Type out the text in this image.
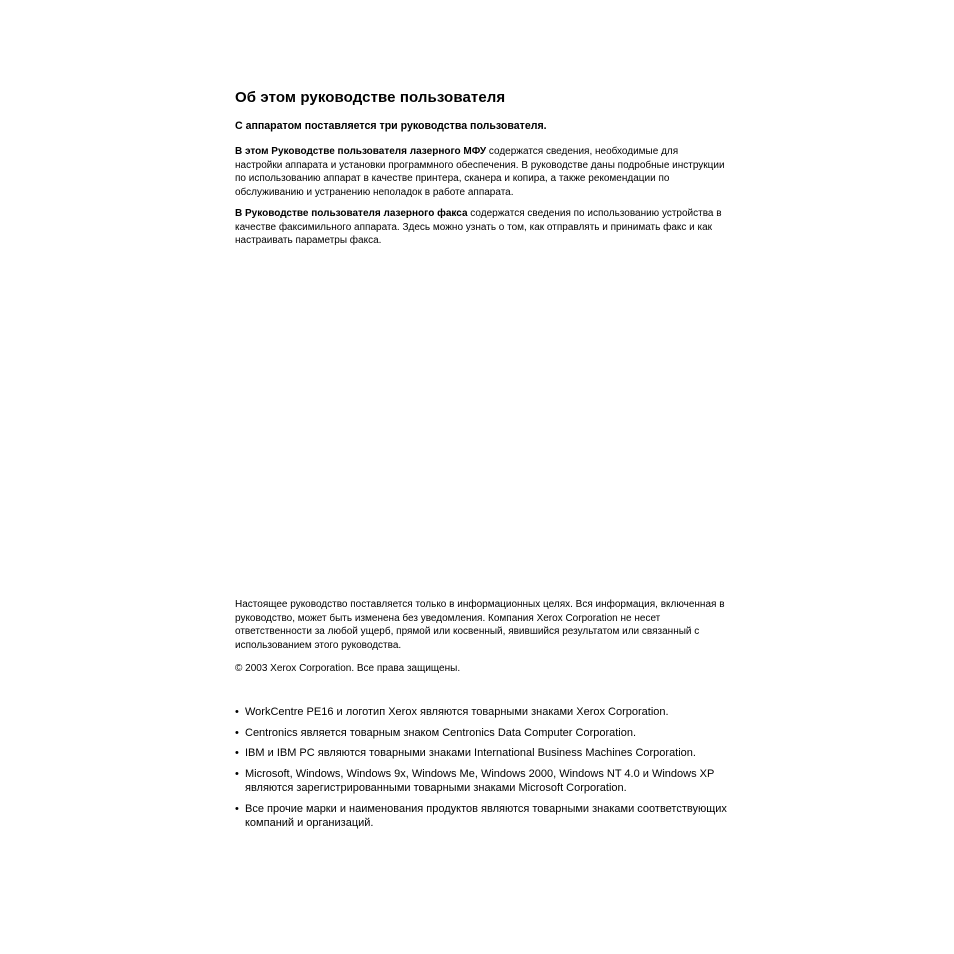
Об этом руководстве пользователя

С аппаратом поставляется три руководства пользователя.

В этом Руководстве пользователя лазерного МФУ содержатся сведения, необходимые для настройки аппарата и установки программного обеспечения. В руководстве даны подробные инструкции по использованию аппарат в качестве принтера, сканера и копира, а также рекомендации по обслуживанию и устранению неполадок в работе аппарата.

В Руководстве пользователя лазерного факса содержатся сведения по использованию устройства в качестве факсимильного аппарата. Здесь можно узнать о том, как отправлять и принимать факс и как настраивать параметры факса.

Настоящее руководство поставляется только в информационных целях. Вся информация, включенная в руководство, может быть изменена без уведомления. Компания Xerox Corporation не несет ответственности за любой ущерб, прямой или косвенный, явившийся результатом или связанный с использованием этого руководства.

© 2003 Xerox Corporation. Все права защищены.

• WorkCentre PE16 и логотип Xerox являются товарными знаками Xerox Corporation.
• Centronics является товарным знаком Centronics Data Computer Corporation.
• IBM и IBM PC являются товарными знаками International Business Machines Corporation.
• Microsoft, Windows, Windows 9x, Windows Me, Windows 2000, Windows NT 4.0 и Windows XP являются зарегистрированными товарными знаками Microsoft Corporation.
• Все прочие марки и наименования продуктов являются товарными знаками соответствующих компаний и организаций.
